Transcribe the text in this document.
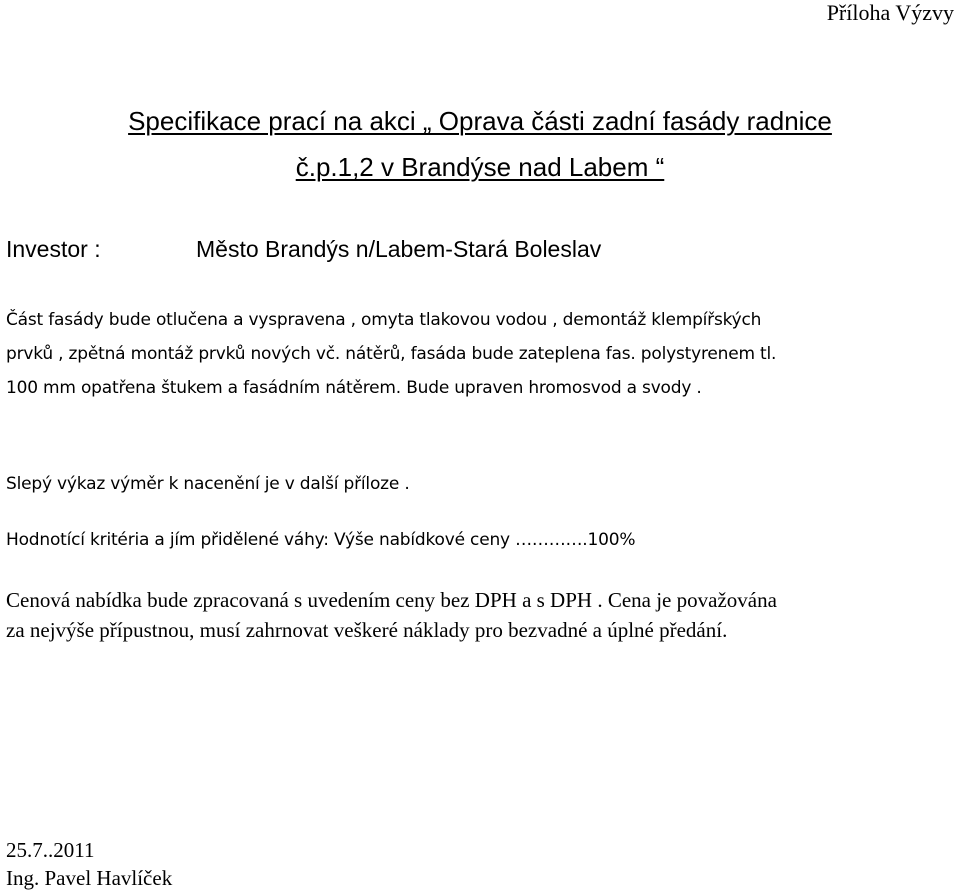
Příloha Výzvy
Specifikace prací na akci „ Oprava části zadní fasády radnice
č.p.1,2 v Brandýse nad Labem “
Investor :	Město Brandýs n/Labem-Stará Boleslav
Část fasády bude otlučena a vyspravena , omyta tlakovou vodou , demontáž klempířských
prvků , zpětná montáž prvků nových vč. nátěrů, fasáda bude zateplena fas. polystyrenem tl.
100 mm opatřena štukem a fasádním nátěrem. Bude upraven hromosvod a svody .
Slepý výkaz výměr k nacenění je v další příloze .
Hodnotící kritéria a jím přidělené váhy: Výše nabídkové ceny ………….100%
Cenová nabídka bude zpracovaná s uvedením ceny bez DPH a s DPH . Cena je považována
za nejvýše přípustnou, musí zahrnovat veškeré náklady pro bezvadné a úplné předání.
25.7..2011
Ing. Pavel Havlíček
